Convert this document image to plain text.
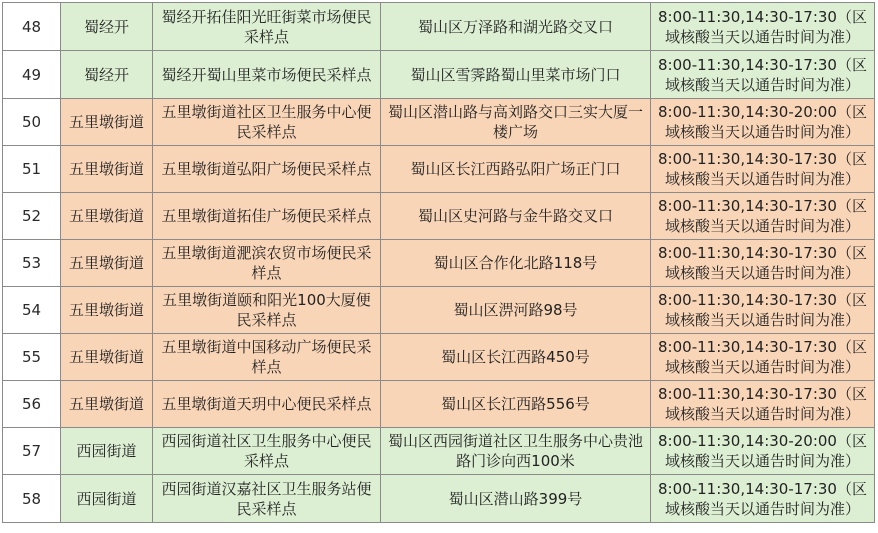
48	蜀经开	蜀经开拓佳阳光旺街菜市场便民采样点	蜀山区万泽路和湖光路交叉口	8:00-11:30,14:30-17:30（区域核酸当天以通告时间为准）
49	蜀经开	蜀经开蜀山里菜市场便民采样点	蜀山区雪霁路蜀山里菜市场门口	8:00-11:30,14:30-17:30（区域核酸当天以通告时间为准）
50	五里墩街道	五里墩街道社区卫生服务中心便民采样点	蜀山区潜山路与高刘路交口三实大厦一楼广场	8:00-11:30,14:30-20:00（区域核酸当天以通告时间为准）
51	五里墩街道	五里墩街道弘阳广场便民采样点	蜀山区长江西路弘阳广场正门口	8:00-11:30,14:30-17:30（区域核酸当天以通告时间为准）
52	五里墩街道	五里墩街道拓佳广场便民采样点	蜀山区史河路与金牛路交叉口	8:00-11:30,14:30-17:30（区域核酸当天以通告时间为准）
53	五里墩街道	五里墩街道淝滨农贸市场便民采样点	蜀山区合作化北路118号	8:00-11:30,14:30-17:30（区域核酸当天以通告时间为准）
54	五里墩街道	五里墩街道颐和阳光100大厦便民采样点	蜀山区淠河路98号	8:00-11:30,14:30-17:30（区域核酸当天以通告时间为准）
55	五里墩街道	五里墩街道中国移动广场便民采样点	蜀山区长江西路450号	8:00-11:30,14:30-17:30（区域核酸当天以通告时间为准）
56	五里墩街道	五里墩街道天玥中心便民采样点	蜀山区长江西路556号	8:00-11:30,14:30-17:30（区域核酸当天以通告时间为准）
57	西园街道	西园街道社区卫生服务中心便民采样点	蜀山区西园街道社区卫生服务中心贵池路门诊向西100米	8:00-11:30,14:30-20:00（区域核酸当天以通告时间为准）
58	西园街道	西园街道汉嘉社区卫生服务站便民采样点	蜀山区潜山路399号	8:00-11:30,14:30-17:30（区域核酸当天以通告时间为准）
